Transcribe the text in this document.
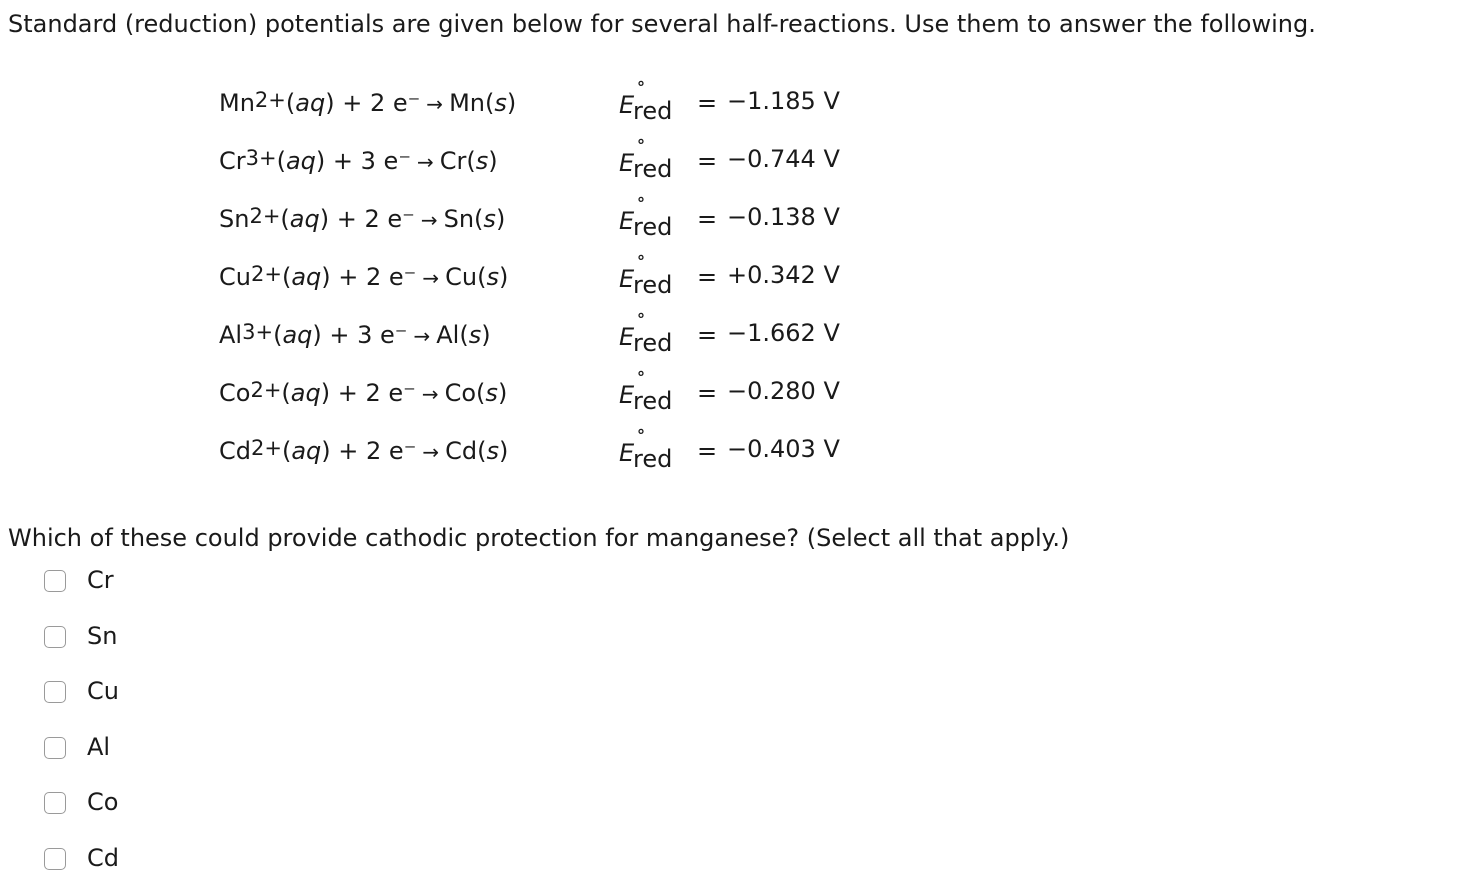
Standard (reduction) potentials are given below for several half-reactions. Use them to answer the following.
$Mn^{2+}(aq) + 2$ e⁻ → Mn(s)
°
E
red = −1.185 V
$Cr^{3+}(aq) + 3$ e⁻ → Cr(s)
°
E
red = −0.744 V
$Sn^{2+}(aq) + 2$ e⁻ → Sn(s)
°
E
red = −0.138 V
$Cu^{2+}(aq) + 2$ e⁻ → Cu(s)
°
E
red = +0.342 V
$Al^{3+}(aq) + 3$ e⁻ → Al(s)
°
E
red = −1.662 V
$Co^{2+}(aq) + 2$ e⁻ → Co(s)
°
E
red = −0.280 V
$Cd^{2+}(aq) + 2$ e⁻ → Cd(s)
°
E
red = −0.403 V
Which of these could provide cathodic protection for manganese? (Select all that apply.)
Cr
Sn
Cu
Al
Co
Cd
